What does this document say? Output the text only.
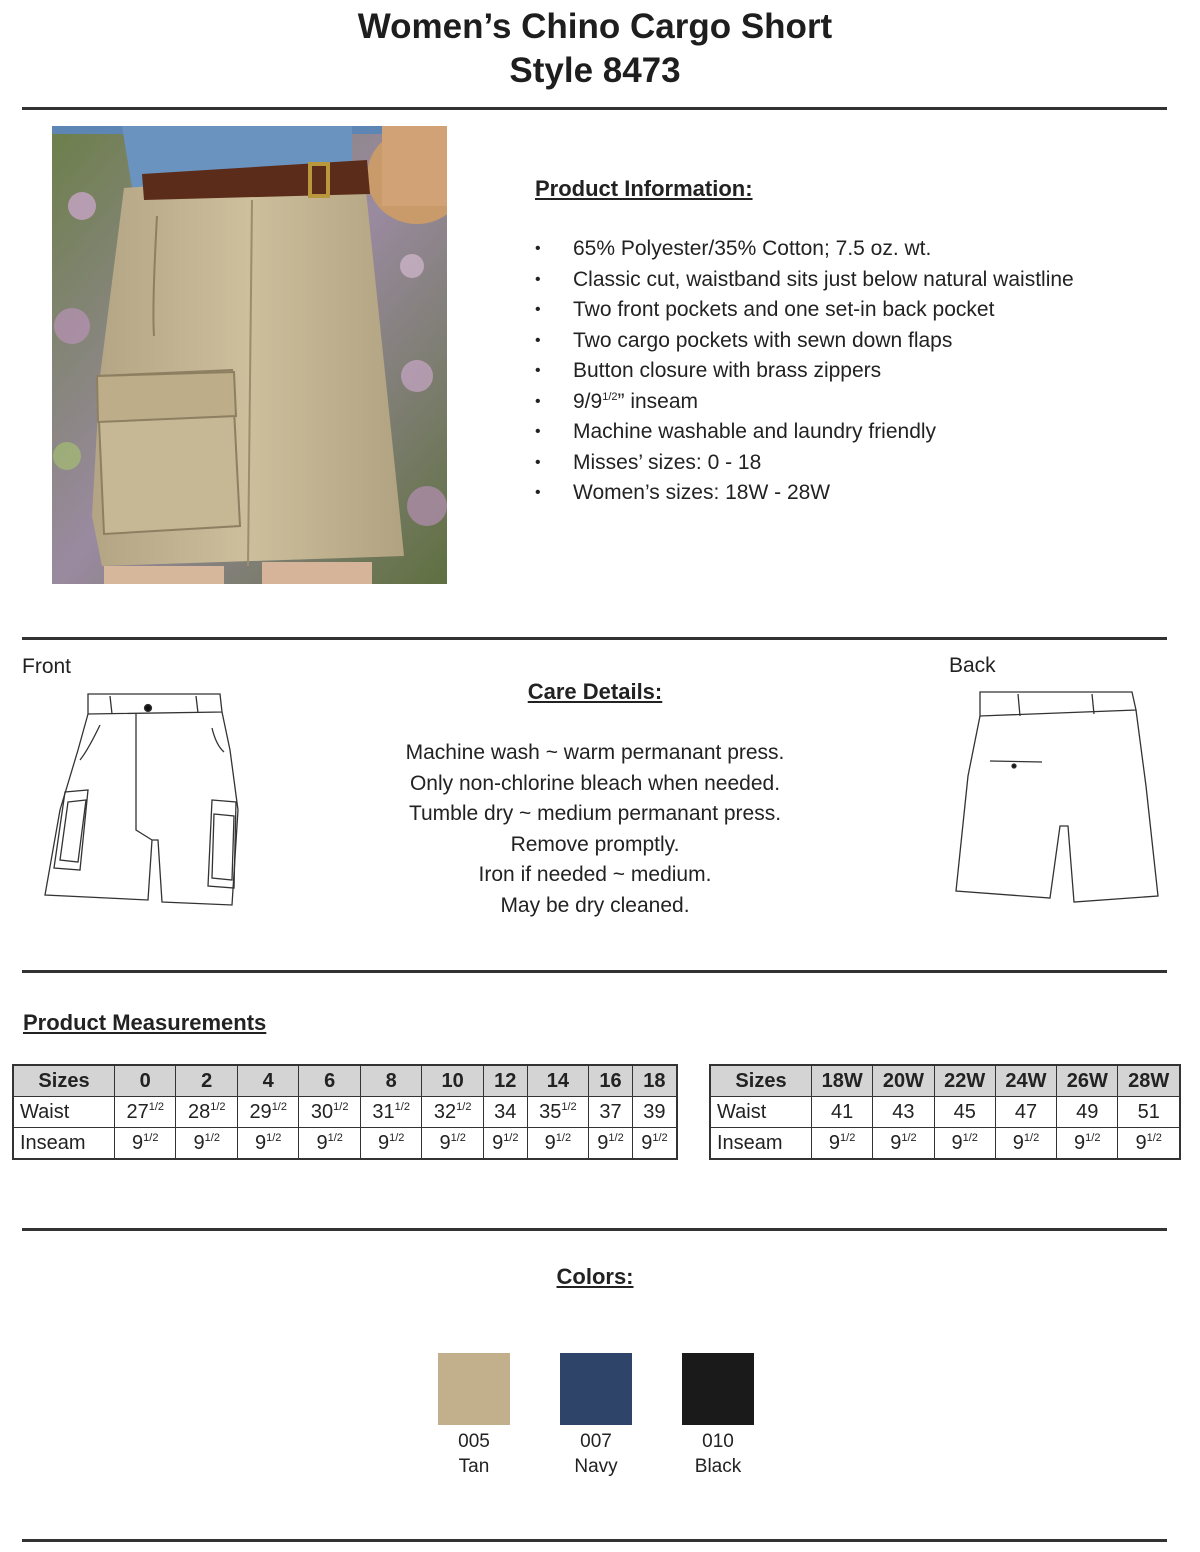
Women’s Chino Cargo Short
Style 8473
Product Information:
• 65% Polyester/35% Cotton; 7.5 oz. wt.
• Classic cut, waistband sits just below natural waistline
• Two front pockets and one set-in back pocket
• Two cargo pockets with sewn down flaps
• Button closure with brass zippers
• $9/9^{1/2}$” inseam
• Machine washable and laundry friendly
• Misses’ sizes: 0 - 18
• Women’s sizes: 18W - 28W
Front	Back
Care Details:
Machine wash ~ warm permanant press.
Only non-chlorine bleach when needed.
Tumble dry ~ medium permanant press.
Remove promptly.
Iron if needed ~ medium.
May be dry cleaned.
Product Measurements
Sizes	0	2	4	6	8	10	12	14	16	18
Waist	$27^{1/2}$	$28^{1/2}$	$29^{1/2}$	$30^{1/2}$	$31^{1/2}$	$32^{1/2}$	34	$35^{1/2}$	37	39
Inseam	$9^{1/2}$	$9^{1/2}$	$9^{1/2}$	$9^{1/2}$	$9^{1/2}$	$9^{1/2}$	$9^{1/2}$	$9^{1/2}$	$9^{1/2}$	$9^{1/2}$
Sizes	18W	20W	22W	24W	26W	28W
Waist	41	43	45	47	49	51
Inseam	$9^{1/2}$	$9^{1/2}$	$9^{1/2}$	$9^{1/2}$	$9^{1/2}$	$9^{1/2}$
Colors:
005
Tan
007
Navy
010
Black
